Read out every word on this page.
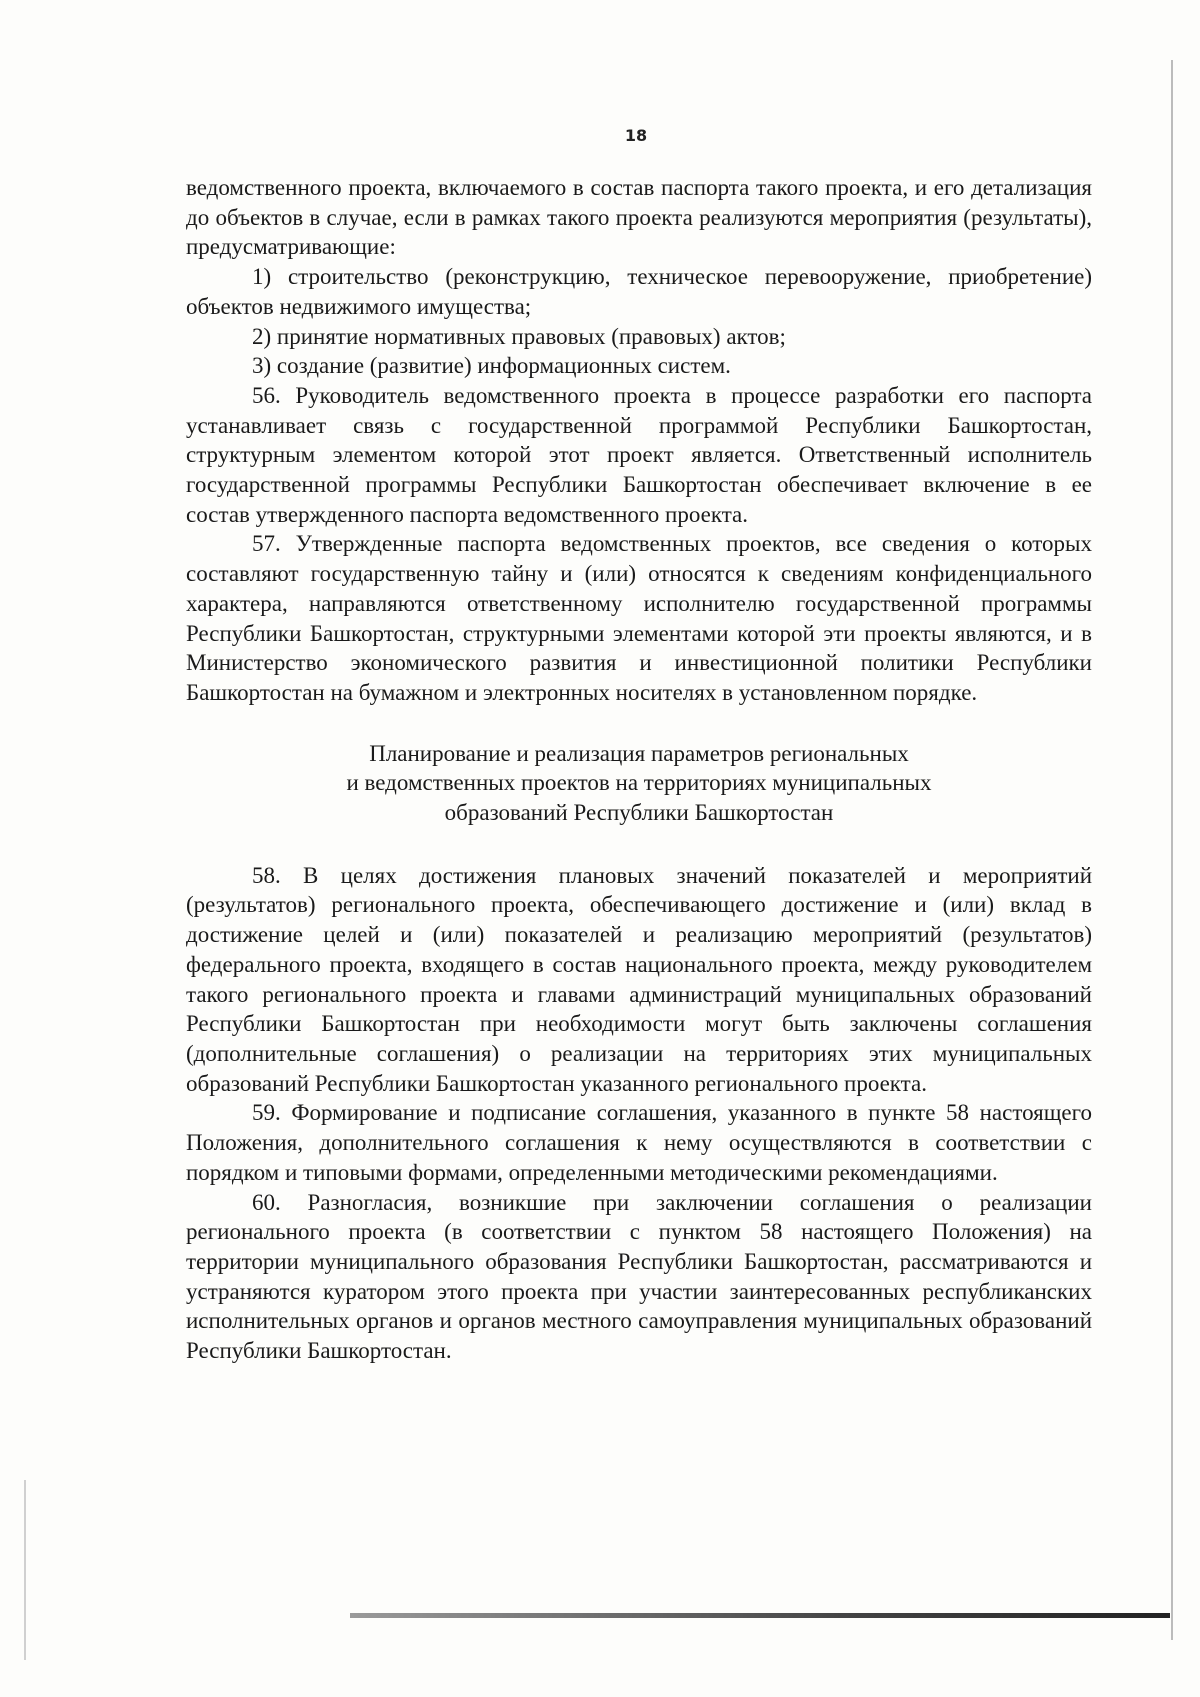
18

ведомственного проекта, включаемого в состав паспорта такого проекта, и его детализация до объектов в случае, если в рамках такого проекта реализуются мероприятия (результаты), предусматривающие:

1) строительство (реконструкцию, техническое перевооружение, приобретение) объектов недвижимого имущества;

2) принятие нормативных правовых (правовых) актов;

3) создание (развитие) информационных систем.

56. Руководитель ведомственного проекта в процессе разработки его паспорта устанавливает связь с государственной программой Республики Башкортостан, структурным элементом которой этот проект является. Ответственный исполнитель государственной программы Республики Башкортостан обеспечивает включение в ее состав утвержденного паспорта ведомственного проекта.

57. Утвержденные паспорта ведомственных проектов, все сведения о которых составляют государственную тайну и (или) относятся к сведениям конфиденциального характера, направляются ответственному исполнителю государственной программы Республики Башкортостан, структурными элементами которой эти проекты являются, и в Министерство экономического развития и инвестиционной политики Республики Башкортостан на бумажном и электронных носителях в установленном порядке.

Планирование и реализация параметров региональных
и ведомственных проектов на территориях муниципальных
образований Республики Башкортостан

58. В целях достижения плановых значений показателей и мероприятий (результатов) регионального проекта, обеспечивающего достижение и (или) вклад в достижение целей и (или) показателей и реализацию мероприятий (результатов) федерального проекта, входящего в состав национального проекта, между руководителем такого регионального проекта и главами администраций муниципальных образований Республики Башкортостан при необходимости могут быть заключены соглашения (дополнительные соглашения) о реализации на территориях этих муниципальных образований Республики Башкортостан указанного регионального проекта.

59. Формирование и подписание соглашения, указанного в пункте 58 настоящего Положения, дополнительного соглашения к нему осуществляются в соответствии с порядком и типовыми формами, определенными методическими рекомендациями.

60. Разногласия, возникшие при заключении соглашения о реализации регионального проекта (в соответствии с пунктом 58 настоящего Положения) на территории муниципального образования Республики Башкортостан, рассматриваются и устраняются куратором этого проекта при участии заинтересованных республиканских исполнительных органов и органов местного самоуправления муниципальных образований Республики Башкортостан.
